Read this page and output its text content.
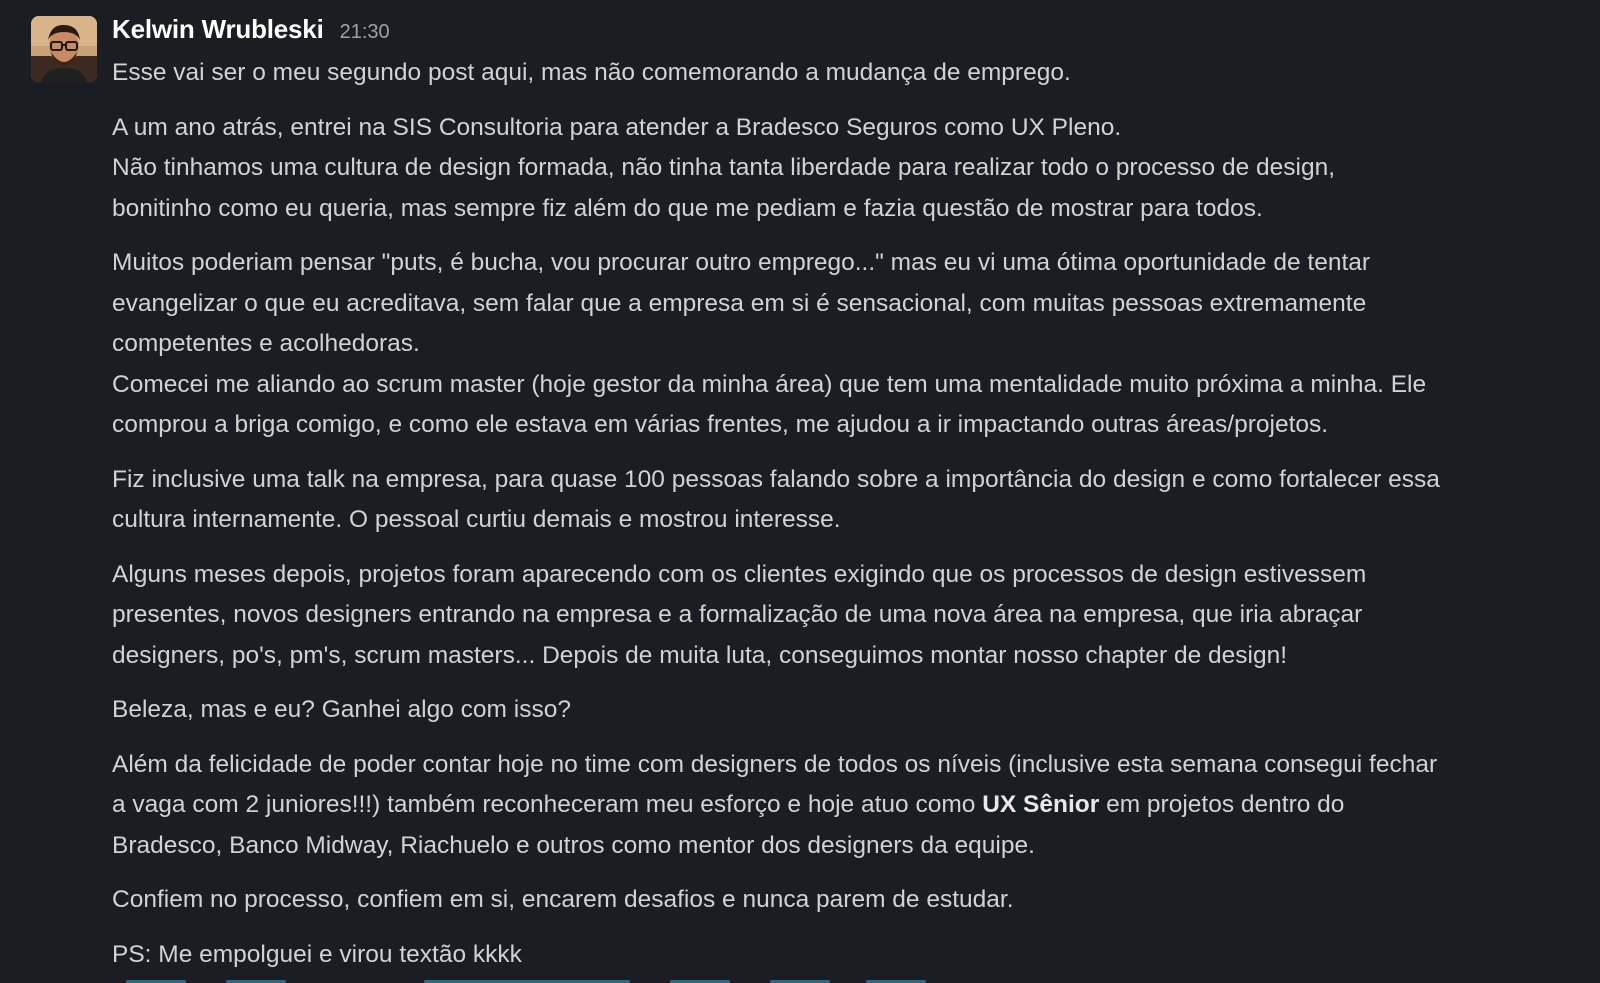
Kelwin Wrubleski 21:30

Esse vai ser o meu segundo post aqui, mas não comemorando a mudança de emprego.

A um ano atrás, entrei na SIS Consultoria para atender a Bradesco Seguros como UX Pleno.
Não tinhamos uma cultura de design formada, não tinha tanta liberdade para realizar todo o processo de design,
bonitinho como eu queria, mas sempre fiz além do que me pediam e fazia questão de mostrar para todos.

Muitos poderiam pensar "puts, é bucha, vou procurar outro emprego..." mas eu vi uma ótima oportunidade de tentar
evangelizar o que eu acreditava, sem falar que a empresa em si é sensacional, com muitas pessoas extremamente
competentes e acolhedoras.
Comecei me aliando ao scrum master (hoje gestor da minha área) que tem uma mentalidade muito próxima a minha. Ele
comprou a briga comigo, e como ele estava em várias frentes, me ajudou a ir impactando outras áreas/projetos.

Fiz inclusive uma talk na empresa, para quase 100 pessoas falando sobre a importância do design e como fortalecer essa
cultura internamente. O pessoal curtiu demais e mostrou interesse.

Alguns meses depois, projetos foram aparecendo com os clientes exigindo que os processos de design estivessem
presentes, novos designers entrando na empresa e a formalização de uma nova área na empresa, que iria abraçar
designers, po's, pm's, scrum masters... Depois de muita luta, conseguimos montar nosso chapter de design!

Beleza, mas e eu? Ganhei algo com isso?

Além da felicidade de poder contar hoje no time com designers de todos os níveis (inclusive esta semana consegui fechar
a vaga com 2 juniores!!!) também reconheceram meu esforço e hoje atuo como UX Sênior em projetos dentro do
Bradesco, Banco Midway, Riachuelo e outros como mentor dos designers da equipe.

Confiem no processo, confiem em si, encarem desafios e nunca parem de estudar.

PS: Me empolguei e virou textão kkkk
